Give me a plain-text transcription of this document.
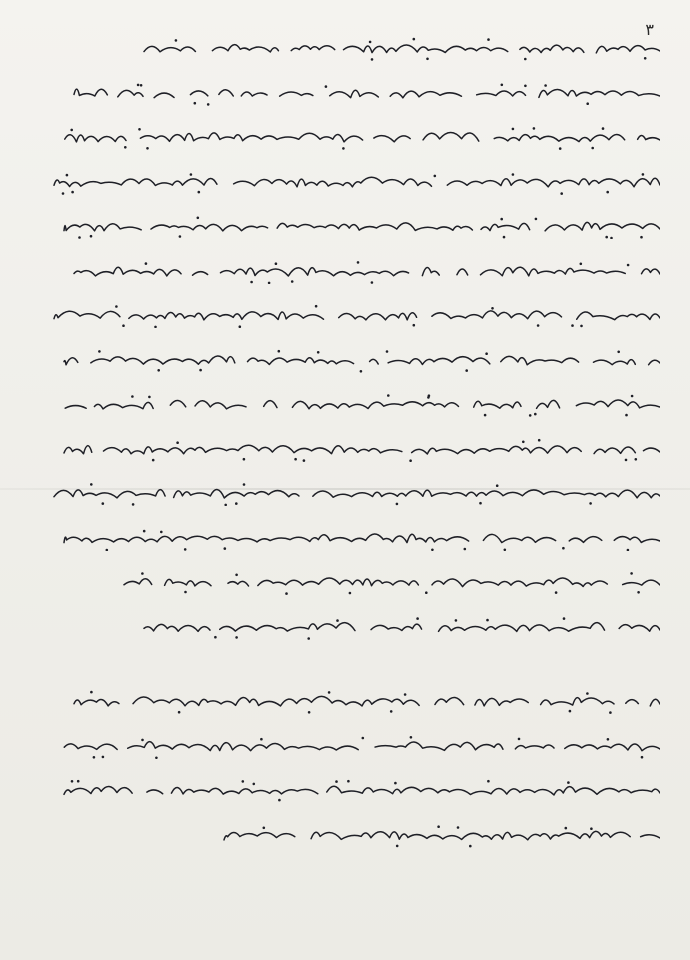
٣
